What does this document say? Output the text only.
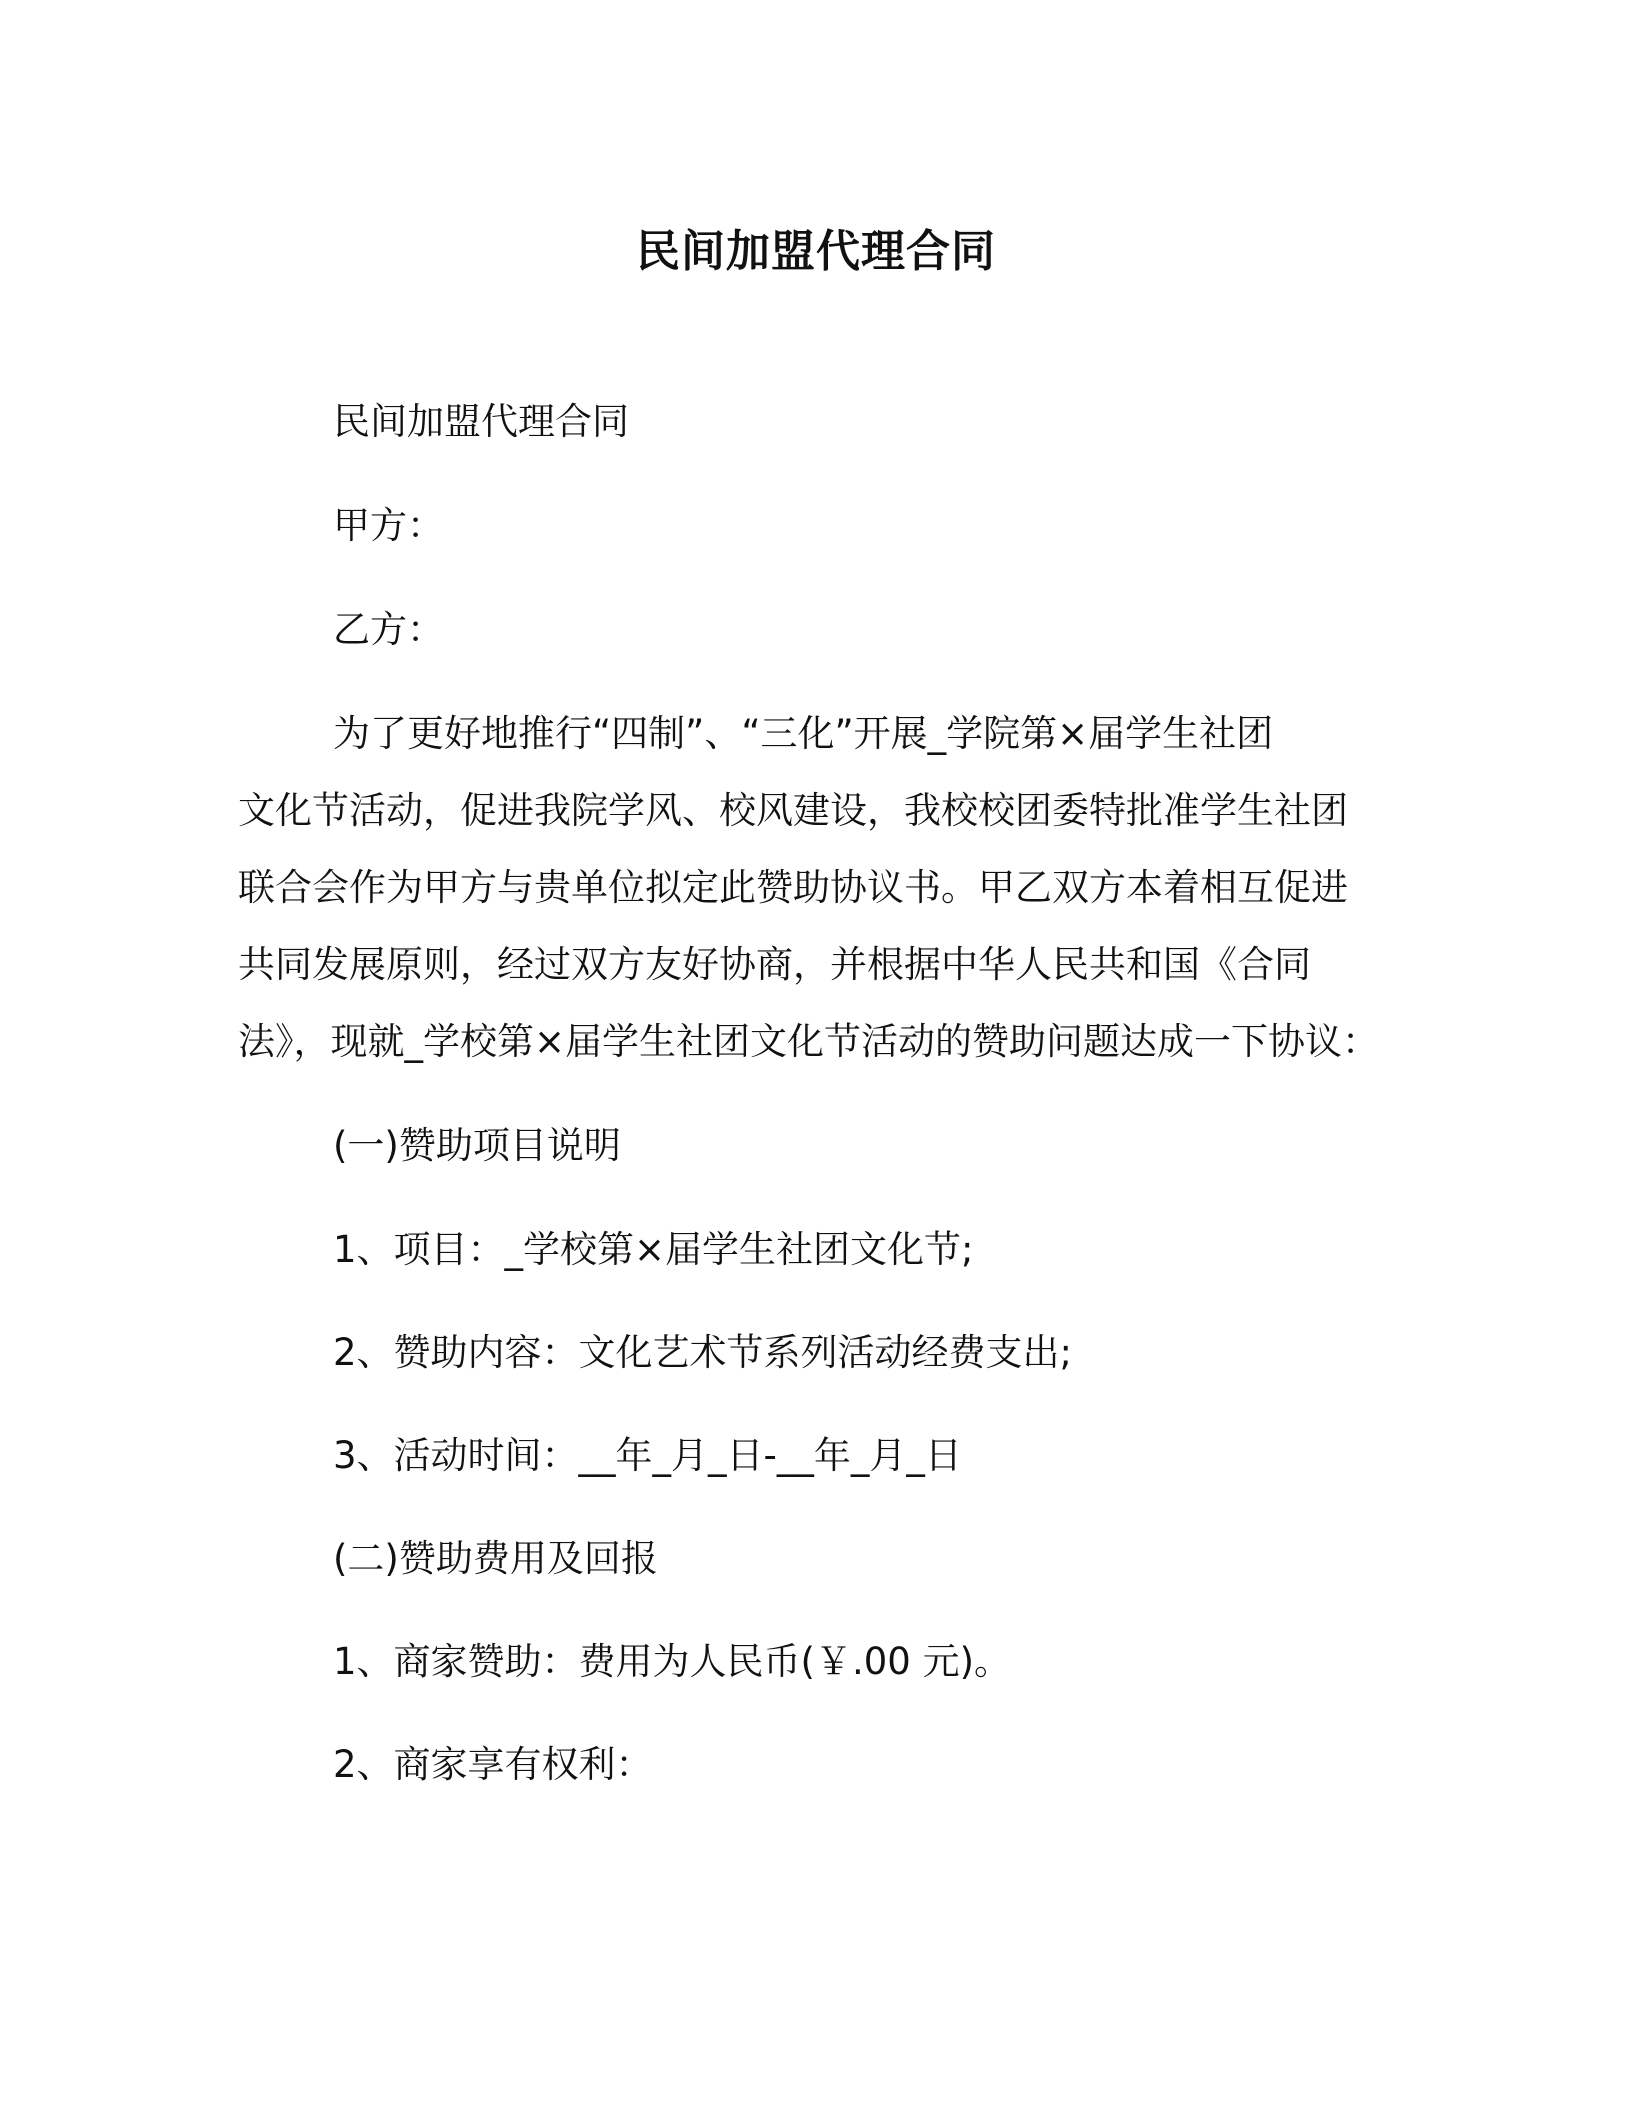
民间加盟代理合同
民间加盟代理合同
甲方：
乙方：
为了更好地推行“四制”、“三化”开展_学院第×届学生社团
文化节活动，促进我院学风、校风建设，我校校团委特批准学生社团
联合会作为甲方与贵单位拟定此赞助协议书。甲乙双方本着相互促进
共同发展原则，经过双方友好协商，并根据中华人民共和国《合同
法》，现就_学校第×届学生社团文化节活动的赞助问题达成一下协议：
(一)赞助项目说明
1、项目：_学校第×届学生社团文化节;
2、赞助内容：文化艺术节系列活动经费支出;
3、活动时间：__年_月_日-__年_月_日
(二)赞助费用及回报
1、商家赞助：费用为人民币(￥.00 元)。
2、商家享有权利：
